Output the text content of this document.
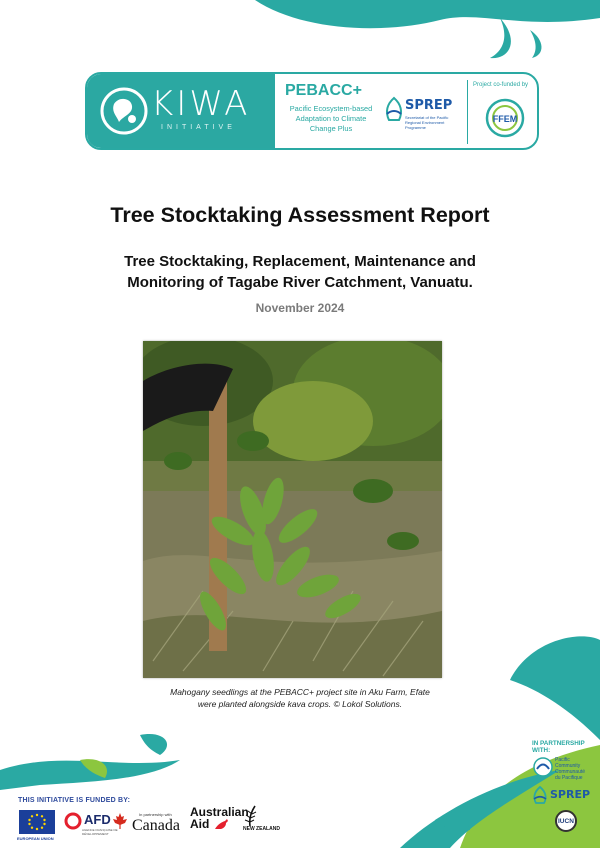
KIWA
INITIATIVE
PEBACC+
Pacific Ecosystem-based Adaptation to Climate Change Plus
SPREP
Secretariat of the Pacific Regional Environment Programme
Project co-funded by
FFEM
Tree Stocktaking Assessment Report
Tree Stocktaking, Replacement, Maintenance and
Monitoring of Tagabe River Catchment, Vanuatu.
November 2024
Mahogany seedlings at the PEBACC+ project site in Aku Farm, Efate
were planted alongside kava crops. © Lokol Solutions.
THIS INITIATIVE IS FUNDED BY:
EUROPEAN UNION
AFD
AGENCE FRANÇAISE DE DÉVELOPPEMENT
In partnership with
Canada
Australian
Aid	NEW ZEALAND
IN PARTNERSHIP
WITH:
Pacific
Community
Communauté
du Pacifique
SPREP
IUCN
